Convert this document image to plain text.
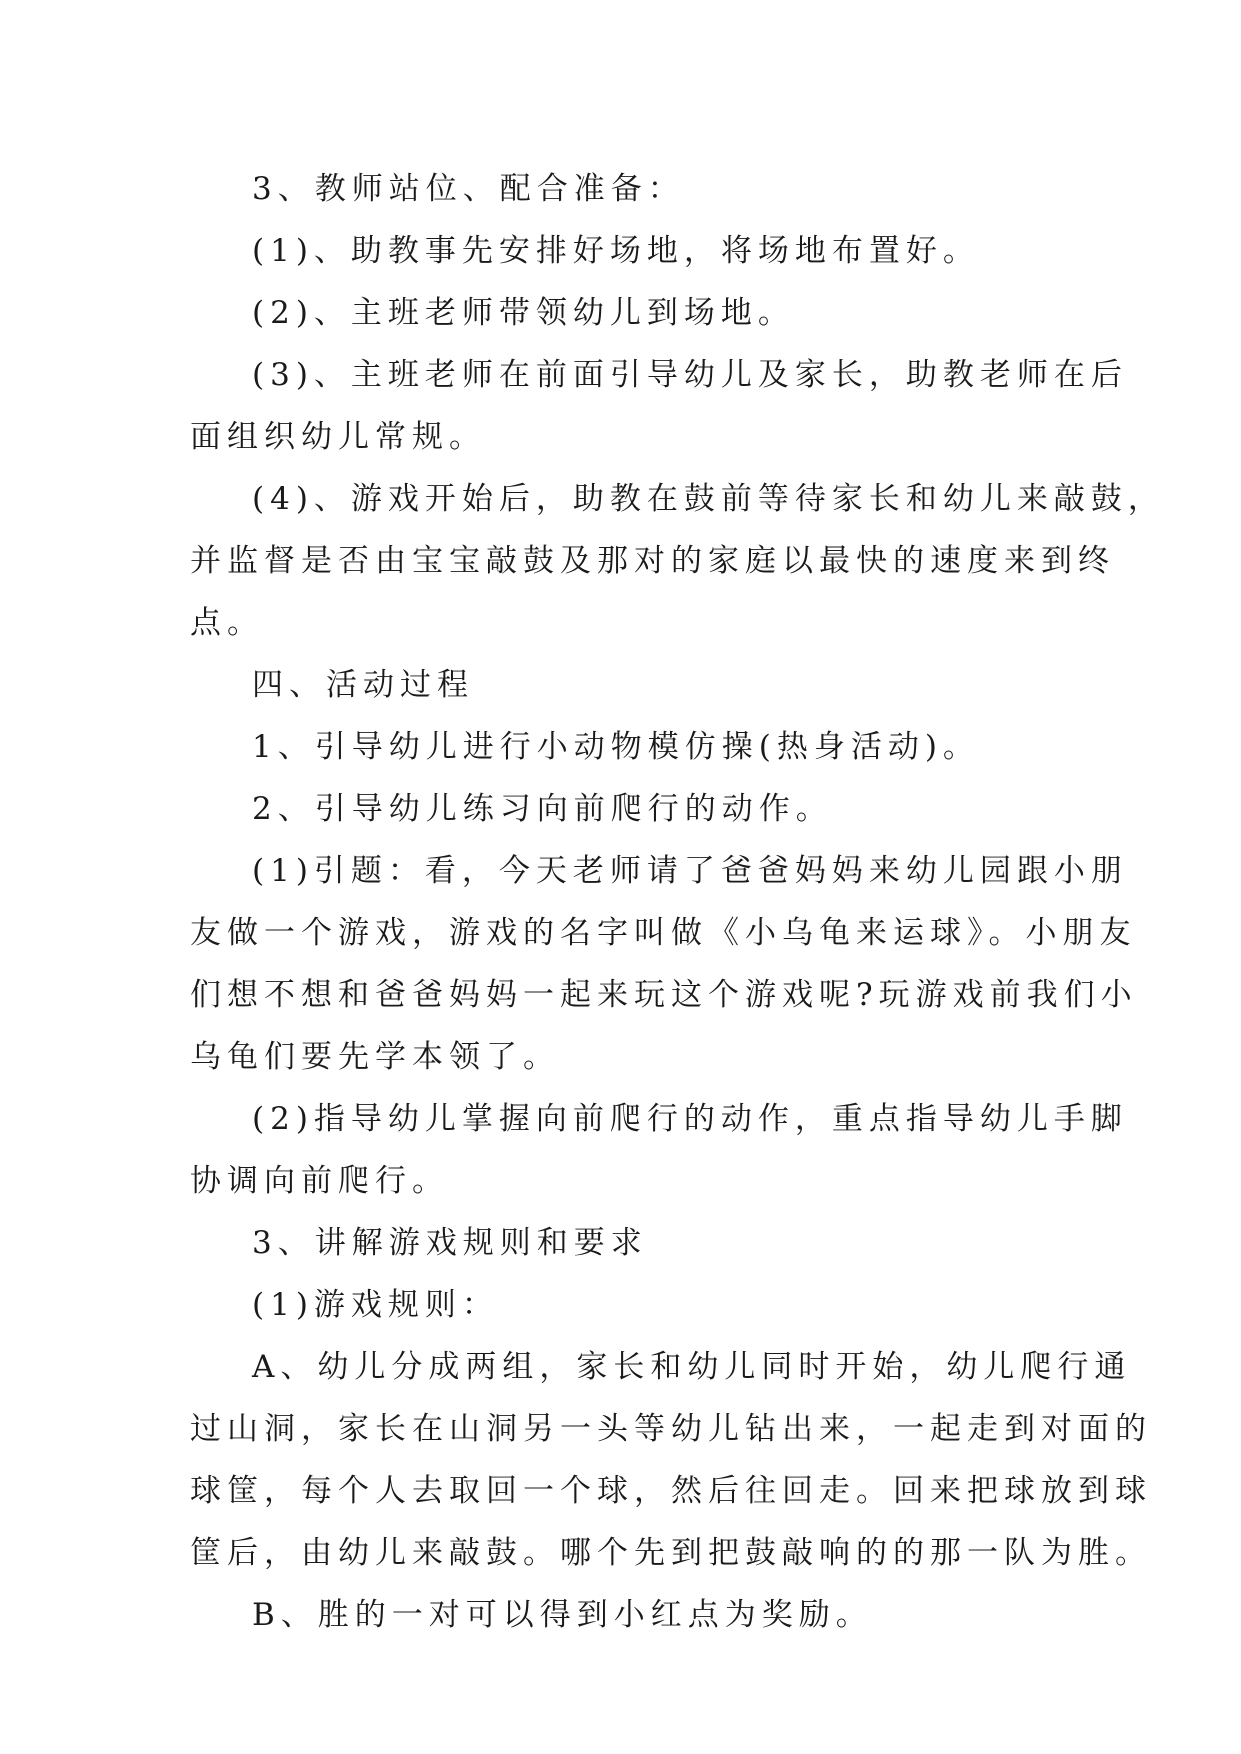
3、教师站位、配合准备：
(1)、助教事先安排好场地，将场地布置好。
(2)、主班老师带领幼儿到场地。
(3)、主班老师在前面引导幼儿及家长，助教老师在后
面组织幼儿常规。
(4)、游戏开始后，助教在鼓前等待家长和幼儿来敲鼓，
并监督是否由宝宝敲鼓及那对的家庭以最快的速度来到终
点。
四、活动过程
1、引导幼儿进行小动物模仿操(热身活动)。
2、引导幼儿练习向前爬行的动作。
(1)引题：看，今天老师请了爸爸妈妈来幼儿园跟小朋
友做一个游戏，游戏的名字叫做《小乌龟来运球》。小朋友
们想不想和爸爸妈妈一起来玩这个游戏呢?玩游戏前我们小
乌龟们要先学本领了。
(2)指导幼儿掌握向前爬行的动作，重点指导幼儿手脚
协调向前爬行。
3、讲解游戏规则和要求
(1)游戏规则：
A、幼儿分成两组，家长和幼儿同时开始，幼儿爬行通
过山洞，家长在山洞另一头等幼儿钻出来，一起走到对面的
球筐，每个人去取回一个球，然后往回走。回来把球放到球
筐后，由幼儿来敲鼓。哪个先到把鼓敲响的的那一队为胜。
B、胜的一对可以得到小红点为奖励。
